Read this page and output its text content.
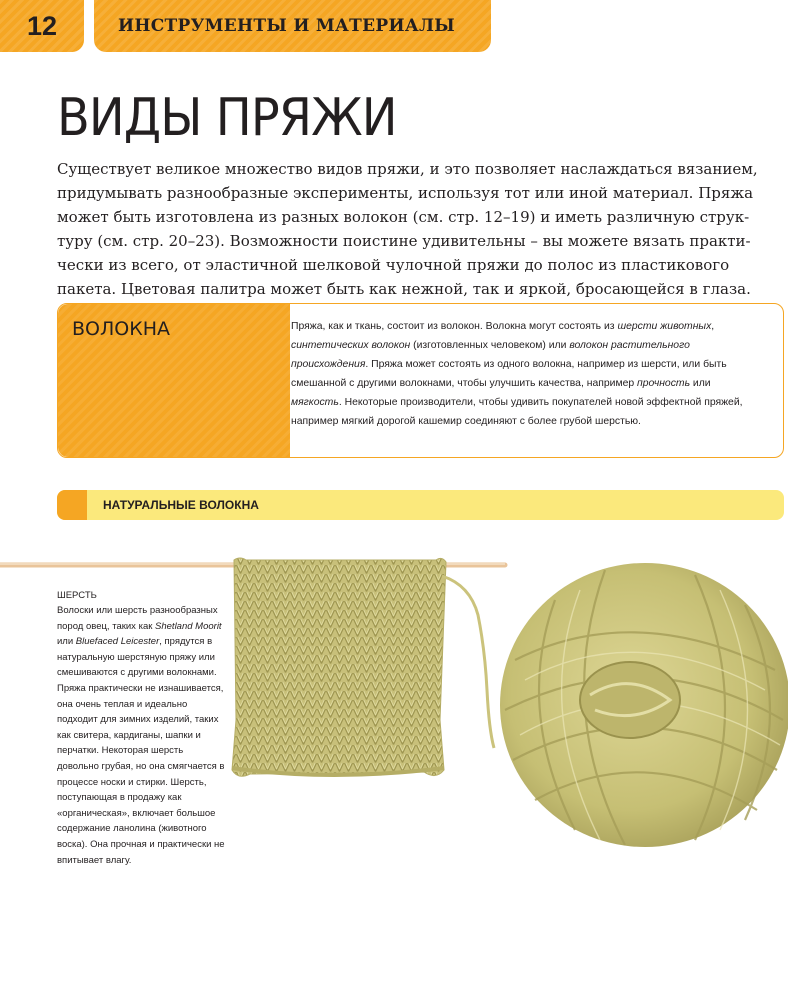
12	ИНСТРУМЕНТЫ И МАТЕРИАЛЫ
ВИДЫ ПРЯЖИ

Существует великое множество видов пряжи, и это позволяет наслаждаться вязанием, придумывать разнообразные эксперименты, используя тот или иной материал. Пряжа может быть изготовлена из разных волокон (см. стр. 12–19) и иметь различную струк- туру (см. стр. 20–23). Возможности поистине удивительны – вы можете вязать практи- чески из всего, от эластичной шелковой чулочной пряжи до полос из пластикового пакета. Цветовая палитра может быть как нежной, так и яркой, бросающейся в глаза.

ВОЛОКНА	Пряжа, как и ткань, состоит из волокон. Волокна могут состоять из шерсти животных, синтетических волокон (изготовленных человеком) или волокон растительного происхождения. Пряжа может состоять из одного волокна, например из шерсти, или быть смешанной с другими волокнами, чтобы улучшить качества, например прочность или мягкость. Некоторые производители, чтобы удивить покупателей новой эффектной пряжей, например мягкий дорогой кашемир соединяют с более грубой шерстью.

НАТУРАЛЬНЫЕ ВОЛОКНА
ШЕРСТЬ

Волоски или шерсть разнообразных пород овец, таких как Shetland Moorit или Bluefaced Leicester, прядутся в натуральную шерстяную пряжу или смешиваются с другими волокнами. Пряжа практически не изнашивается, она очень теплая и идеально подходит для зимних изделий, таких как свитера, кардиганы, шапки и перчатки. Некоторая шерсть довольно грубая, но она смягчается в процессе носки и стирки. Шерсть, поступающая в продажу как «органическая», включает большое содержание ланолина (животного воска). Она прочная и практически не впитывает влагу.
